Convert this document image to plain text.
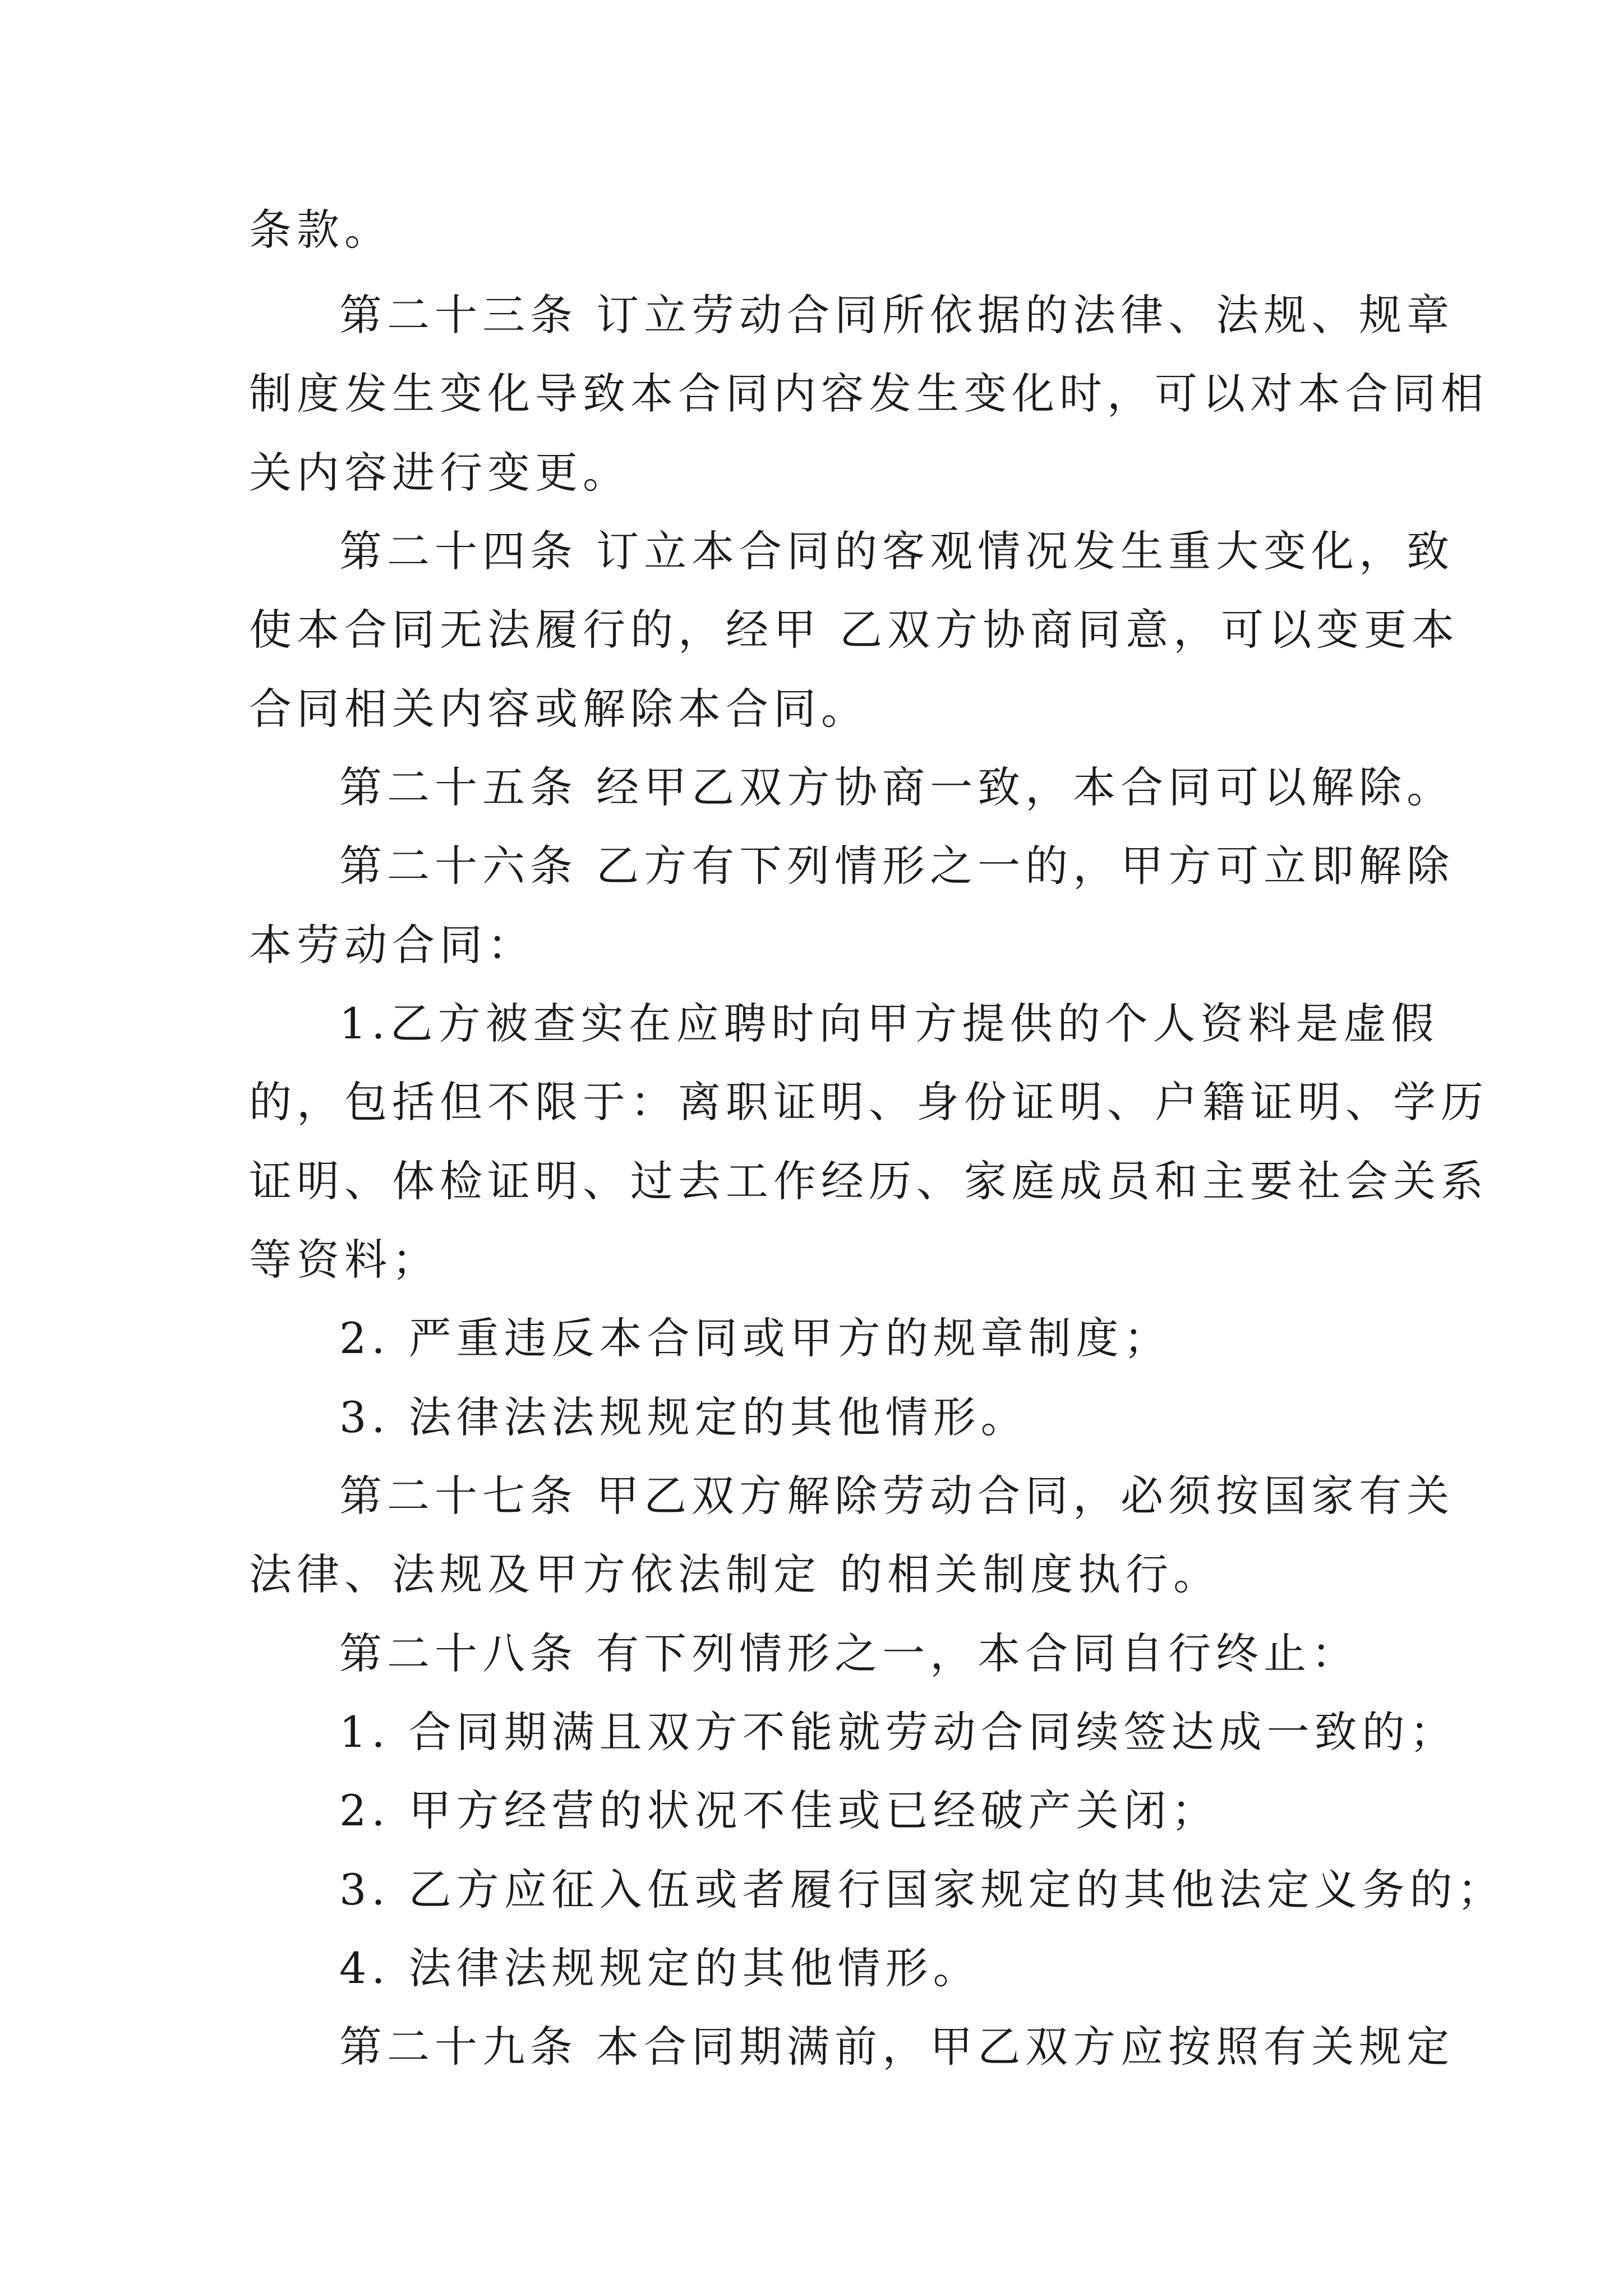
条款。
第二十三条 订立劳动合同所依据的法律、法规、规章
制度发生变化导致本合同内容发生变化时，可以对本合同相
关内容进行变更。
第二十四条 订立本合同的客观情况发生重大变化，致
使本合同无法履行的，经甲 乙双方协商同意，可以变更本
合同相关内容或解除本合同。
第二十五条 经甲乙双方协商一致，本合同可以解除。
第二十六条 乙方有下列情形之一的，甲方可立即解除
本劳动合同：
1.乙方被查实在应聘时向甲方提供的个人资料是虚假
的，包括但不限于：离职证明、身份证明、户籍证明、学历
证明、体检证明、过去工作经历、家庭成员和主要社会关系
等资料；
2. 严重违反本合同或甲方的规章制度；
3. 法律法法规规定的其他情形。
第二十七条 甲乙双方解除劳动合同，必须按国家有关
法律、法规及甲方依法制定 的相关制度执行。
第二十八条 有下列情形之一，本合同自行终止：
1. 合同期满且双方不能就劳动合同续签达成一致的；
2. 甲方经营的状况不佳或已经破产关闭；
3. 乙方应征入伍或者履行国家规定的其他法定义务的；
4. 法律法规规定的其他情形。
第二十九条 本合同期满前，甲乙双方应按照有关规定
